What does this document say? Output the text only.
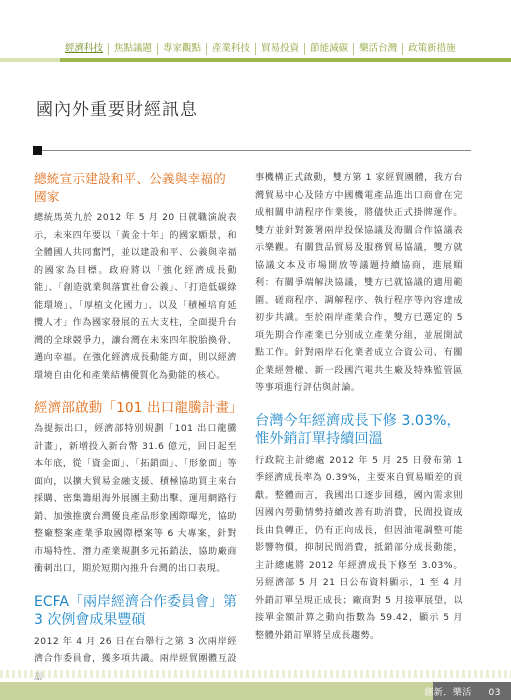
經濟科技	焦點議題	專家觀點	產業科技	貿易投資	節能減碳	樂活台灣	政策新措施
國內外重要財經訊息
總統宣示建設和平、公義與幸福的國家
總統馬英九於 2012 年 5 月 20 日就職演說表示，未來四年要以「黃金十年」的國家願景，和全體國人共同奮鬥，並以建設和平、公義與幸福的國家為目標。政府將以「強化經濟成長動能」、「創造就業與落實社會公義」、「打造低碳綠能環境」、「厚植文化國力」、以及「積極培育延攬人才」作為國家發展的五大支柱，全面提升台灣的全球競爭力，讓台灣在未來四年脫胎換骨、邁向幸福。在強化經濟成長動能方面，則以經濟環境自由化和產業結構優質化為動能的核心。
經濟部啟動「101 出口龍騰計畫」
為提振出口，經濟部特別規劃「101 出口龍騰計畫」，新增投入新台幣 31.6 億元，回日起至本年底，從「資金面」、「拓銷面」、「形象面」等面向，以擴大貿易金融支援、積極協助買主來台採購、密集籌組海外展團主動出擊、運用網路行銷、加強推廣台灣優良產品形象國際曝光，協助整廠整案產業爭取國際標案等 6 大專案，針對市場特性、潛力產業規劃多元拓銷法，協助廠商衝刺出口，期於短期內推升台灣的出口表現。
ECFA「兩岸經濟合作委員會」第 3 次例會成果豐碩
2012 年 4 月 26 日在台舉行之第 3 次兩岸經濟合作委員會，獲多項共識。兩岸經貿團體互設
事機構正式啟動，雙方第 1 家經貿團體，我方台灣貿易中心及陸方中國機電產品進出口商會在完成相關申請程序作業後，將儘快正式掛牌運作。雙方並針對簽署兩岸投保協議及海關合作協議表示樂觀。有關貨品貿易及服務貿易協議，雙方就協議文本及市場開放等議題持續協商，進展順利：有關爭端解決協議，雙方已就協議的適用範圍、磋商程序、調解程序、執行程序等內容達成初步共識。至於兩岸產業合作，雙方已選定的 5 項先期合作產業已分別成立產業分組，並展開試點工作。針對兩岸石化業者成立合資公司、有關企業經營權、新一段國汽電共生廠及特殊監管區等事項進行評估與討論。
台灣今年經濟成長下修 3.03%，惟外銷訂單持續回溫
行政院主計總處 2012 年 5 月 25 日發布第 1 季經濟成長率為 0.39%，主要來自貿易順差的貢獻。整體而言，我國出口逐步回穩，國內需求則因國內勞動情勢持續改善有助消費，民間投資成長由負轉正，仍有正向成長，但因油電調整可能影響物價，抑制民間消費，抵銷部分成長動能，主計總處將 2012 年經濟成長下修至 3.03%。另經濟部 5 月 21 日公布資料顯示，1 至 4 月外銷訂單呈現正成長；廠商對 5 月接單展望，以接單金額計算之動向指數為 59.42，顯示 5 月整體外銷訂單將呈成長趨勢。
創新．樂活 03
